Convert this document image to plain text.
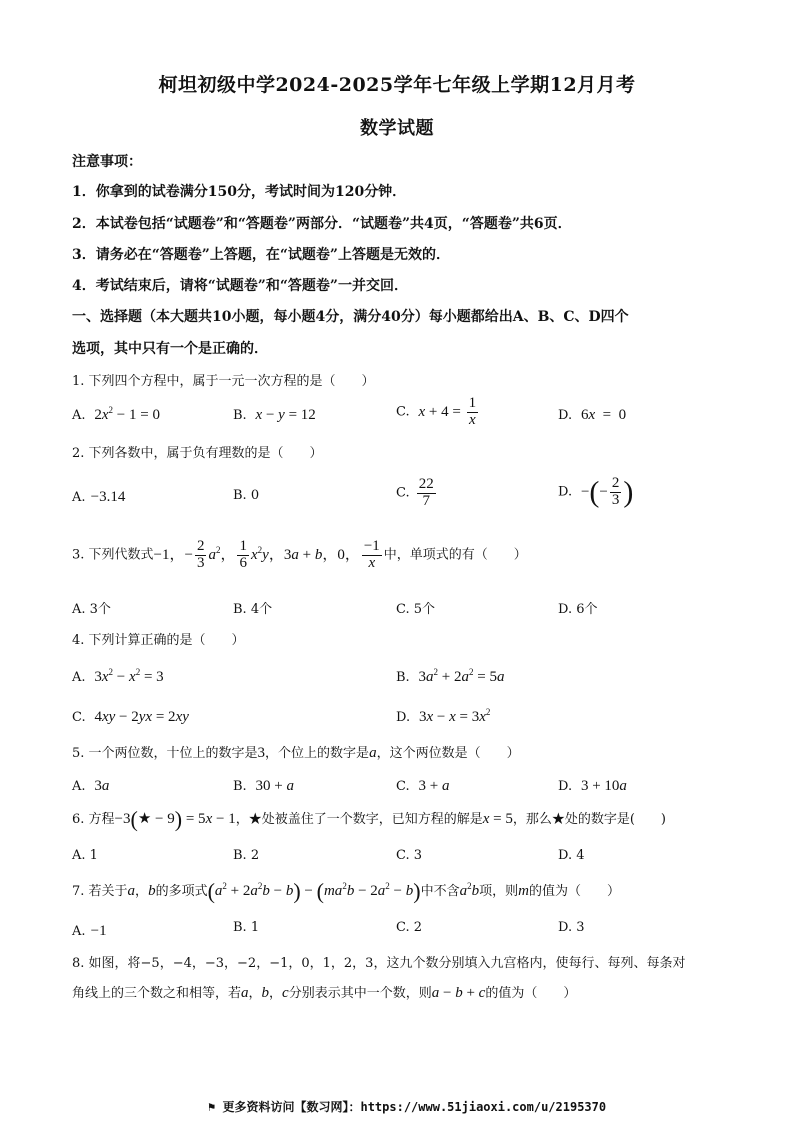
柯坦初级中学2024-2025学年七年级上学期12月月考
数学试题
注意事项：
1．你拿到的试卷满分150分，考试时间为120分钟．
2．本试卷包括“试题卷”和“答题卷”两部分．“试题卷”共4页，“答题卷”共6页．
3．请务必在“答题卷”上答题，在“试题卷”上答题是无效的．
4．考试结束后，请将“试题卷”和“答题卷”一并交回．
一、选择题（本大题共10小题，每小题4分，满分40分）每小题都给出A、B、C、D四个
选项，其中只有一个是正确的．
1. 下列四个方程中，属于一元一次方程的是（　　）
A.  $2x^2 - 1 = 0$	B. x − y = 12	C. $x + 4 = \frac{1}{x}$	D.  6x  =  0
2. 下列各数中，属于负有理数的是（　　）
A. −3.14	B. 0	C. $\frac{22}{7}$	D.  −(− $\frac{2}{3}$ )
3. 下列代数式−1，− $\frac{2}{3} a^2$， $\frac{1}{6} x^2y$，3a + b，0， $\frac{-1}{x}$ 中，单项式的有（　　）
A. 3个	B. 4个	C. 5个	D. 6个
4. 下列计算正确的是（　　）
A.  $3x^2 - x^2 = 3$	B.  $3a^2 + 2a^2 = 5a$
C.  4xy − 2yx = 2xy	D.  $3x - x = 3x^2$
5. 一个两位数，十位上的数字是3，个位上的数字是a，这个两位数是（　　）
A.  3a	B.  30 + a	C.  3 + a	D.  3 + 10a
6. 方程−3(★ − 9) = 5x − 1，★处被盖住了一个数字，已知方程的解是x = 5，那么★处的数字是(　　)
A. 1	B. 2	C. 3	D. 4
7. 若关于a，b的多项式$(a^2 + 2a^2b - b) - (ma^2b - 2a^2 - b)$中不含$a^2b$项，则m的值为（　　）
A. −1	B. 1	C. 2	D. 3
8. 如图，将−5，−4，−3，−2，−1，0，1，2，3，这九个数分别填入九宫格内，使每行、每列、每条对
角线上的三个数之和相等，若a，b，c分别表示其中一个数，则a − b + c的值为（　　）
⚑ 更多资料访问【数习网】：https://www.51jiaoxi.com/u/2195370
